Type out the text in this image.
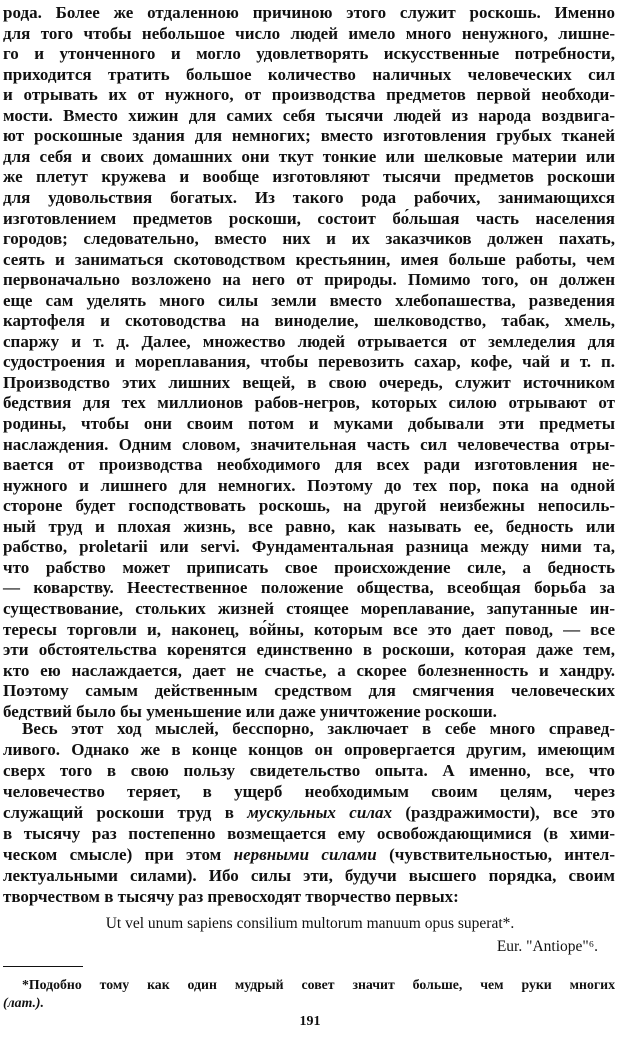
рода. Более же отдаленною причиною этого служит роскошь. Именно
для того чтобы небольшое число людей имело много ненужного, лишне-
го и утонченного и могло удовлетворять искусственные потребности,
приходится тратить большое количество наличных человеческих сил
и отрывать их от нужного, от производства предметов первой необходи-
мости. Вместо хижин для самих себя тысячи людей из народа воздвига-
ют роскошные здания для немногих; вместо изготовления грубых тканей
для себя и своих домашних они ткут тонкие или шелковые материи или
же плетут кружева и вообще изготовляют тысячи предметов роскоши
для удовольствия богатых. Из такого рода рабочих, занимающихся
изготовлением предметов роскоши, состоит бо́льшая часть населения
городов; следовательно, вместо них и их заказчиков должен пахать,
сеять и заниматься скотоводством крестьянин, имея больше работы, чем
первоначально возложено на него от природы. Помимо того, он должен
еще сам уделять много силы земли вместо хлебопашества, разведения
картофеля и скотоводства на виноделие, шелководство, табак, хмель,
спаржу и т. д. Далее, множество людей отрывается от земледелия для
судостроения и мореплавания, чтобы перевозить сахар, кофе, чай и т. п.
Производство этих лишних вещей, в свою очередь, служит источником
бедствия для тех миллионов рабов-негров, которых силою отрывают от
родины, чтобы они своим потом и муками добывали эти предметы
наслаждения. Одним словом, значительная часть сил человечества отры-
вается от производства необходимого для всех ради изготовления не-
нужного и лишнего для немногих. Поэтому до тех пор, пока на одной
стороне будет господствовать роскошь, на другой неизбежны непосиль-
ный труд и плохая жизнь, все равно, как называть ее, бедность или
рабство, proletarii или servi. Фундаментальная разница между ними та,
что рабство может приписать свое происхождение силе, а бедность
— коварству. Неестественное положение общества, всеобщая борьба за
существование, стольких жизней стоящее мореплавание, запутанные ин-
тересы торговли и, наконец, во́йны, которым все это дает повод, — все
эти обстоятельства коренятся единственно в роскоши, которая даже тем,
кто ею наслаждается, дает не счастье, а скорее болезненность и хандру.
Поэтому самым действенным средством для смягчения человеческих
бедствий было бы уменьшение или даже уничтожение роскоши.
Весь этот ход мыслей, бесспорно, заключает в себе много справед-
ливого. Однако же в конце концов он опровергается другим, имеющим
сверх того в свою пользу свидетельство опыта. А именно, все, что
человечество теряет, в ущерб необходимым своим целям, через
служащий роскоши труд в мускульных силах (раздражимости), все это
в тысячу раз постепенно возмещается ему освобождающимися (в хими-
ческом смысле) при этом нервными силами (чувствительностью, интел-
лектуальными силами). Ибо силы эти, будучи высшего порядка, своим
творчеством в тысячу раз превосходят творчество первых:
Ut vel unum sapiens consilium multorum manuum opus superat*.
Eur. "Antiope"⁶.
*Подобно тому как один мудрый совет значит больше, чем руки многих
(лат.).
191
